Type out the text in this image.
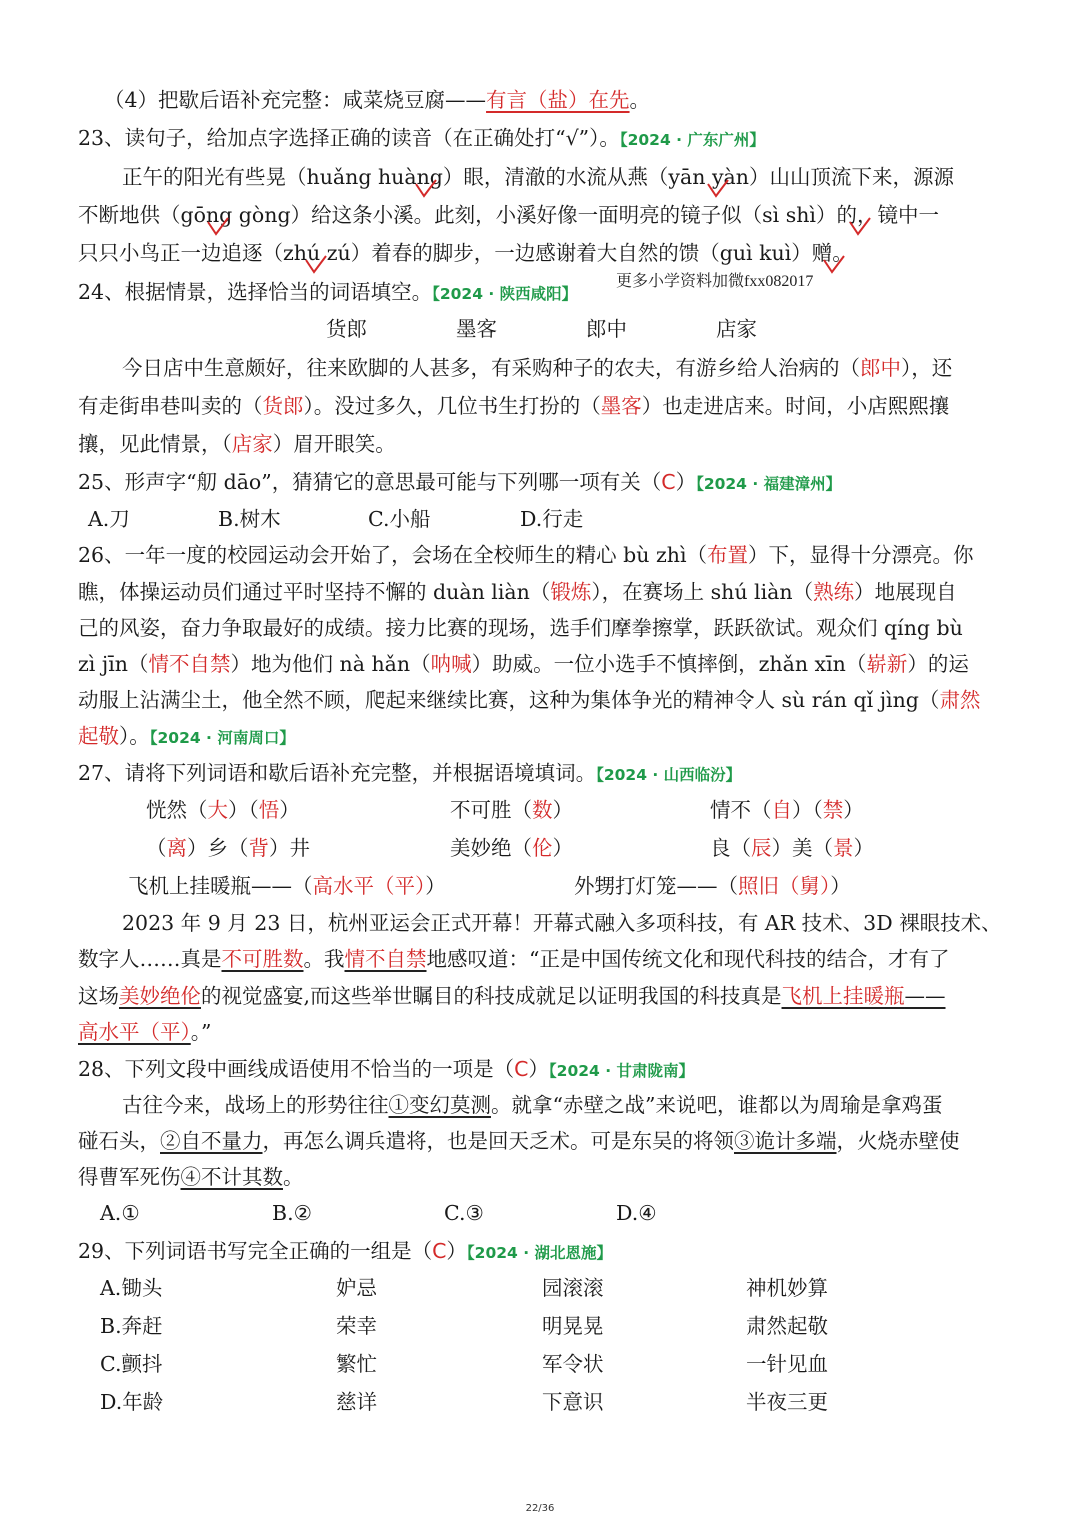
（4）把歇后语补充完整：咸菜烧豆腐——有言（盐）在先。
23、读句子，给加点字选择正确的读音（在正确处打“√”）。【2024 · 广东广州】
正午的阳光有些晃（huǎng huàng）眼，清澈的水流从燕（yān yàn）山山顶流下来，源源
不断地供（gōng gòng）给这条小溪。此刻，小溪好像一面明亮的镜子似（sì shì）的，镜中一
只只小鸟正一边追逐（zhú zú）着春的脚步，一边感谢着大自然的馈（guì kuì）赠。
更多小学资料加微fxx082017
24、根据情景，选择恰当的词语填空。【2024 · 陕西咸阳】
货郎	墨客	郎中	店家
今日店中生意颇好，往来欧脚的人甚多，有采购种子的农夫，有游乡给人治病的（郎中），还
有走街串巷叫卖的（货郎）。没过多久，几位书生打扮的（墨客）也走进店来。时间，小店熙熙攘
攘，见此情景，（店家）眉开眼笑。
25、形声字“舠 dāo”，猜猜它的意思最可能与下列哪一项有关（C）【2024 · 福建漳州】
A.刀	B.树木	C.小船	D.行走
26、一年一度的校园运动会开始了，会场在全校师生的精心 bù zhì（布置）下，显得十分漂亮。你
瞧，体操运动员们通过平时坚持不懈的 duàn liàn（锻炼），在赛场上 shú liàn（熟练）地展现自
己的风姿，奋力争取最好的成绩。接力比赛的现场，选手们摩拳擦掌，跃跃欲试。观众们 qíng bù
zì jīn（情不自禁）地为他们 nà hǎn（呐喊）助威。一位小选手不慎摔倒，zhǎn xīn（崭新）的运
动服上沾满尘土，他全然不顾，爬起来继续比赛，这种为集体争光的精神令人 sù rán qǐ jìng（肃然
起敬）。【2024 · 河南周口】
27、请将下列词语和歇后语补充完整，并根据语境填词。【2024 · 山西临汾】
恍然（大）（悟）	不可胜（数）	情不（自）（禁）
（离）乡（背）井	美妙绝（伦）	良（辰）美（景）
飞机上挂暖瓶——（高水平（平））	外甥打灯笼——（照旧（舅））
2023 年 9 月 23 日，杭州亚运会正式开幕！开幕式融入多项科技，有 AR 技术、3D 裸眼技术、
数字人……真是不可胜数。我情不自禁地感叹道：“正是中国传统文化和现代科技的结合，才有了
这场美妙绝伦的视觉盛宴,而这些举世瞩目的科技成就足以证明我国的科技真是飞机上挂暖瓶——
高水平（平）。”
28、下列文段中画线成语使用不恰当的一项是（C）【2024 · 甘肃陇南】
古往今来，战场上的形势往往①变幻莫测。就拿“赤壁之战”来说吧，谁都以为周瑜是拿鸡蛋
碰石头，②自不量力，再怎么调兵遣将，也是回天乏术。可是东吴的将领③诡计多端，火烧赤壁使
得曹军死伤④不计其数。
A.①	B.②	C.③	D.④
29、下列词语书写完全正确的一组是（C）【2024 · 湖北恩施】
A.锄头	妒忌	园滚滚	神机妙算
B.奔赶	荣幸	明晃晃	肃然起敬
C.颤抖	繁忙	军令状	一针见血
D.年龄	慈详	下意识	半夜三更
22/36
